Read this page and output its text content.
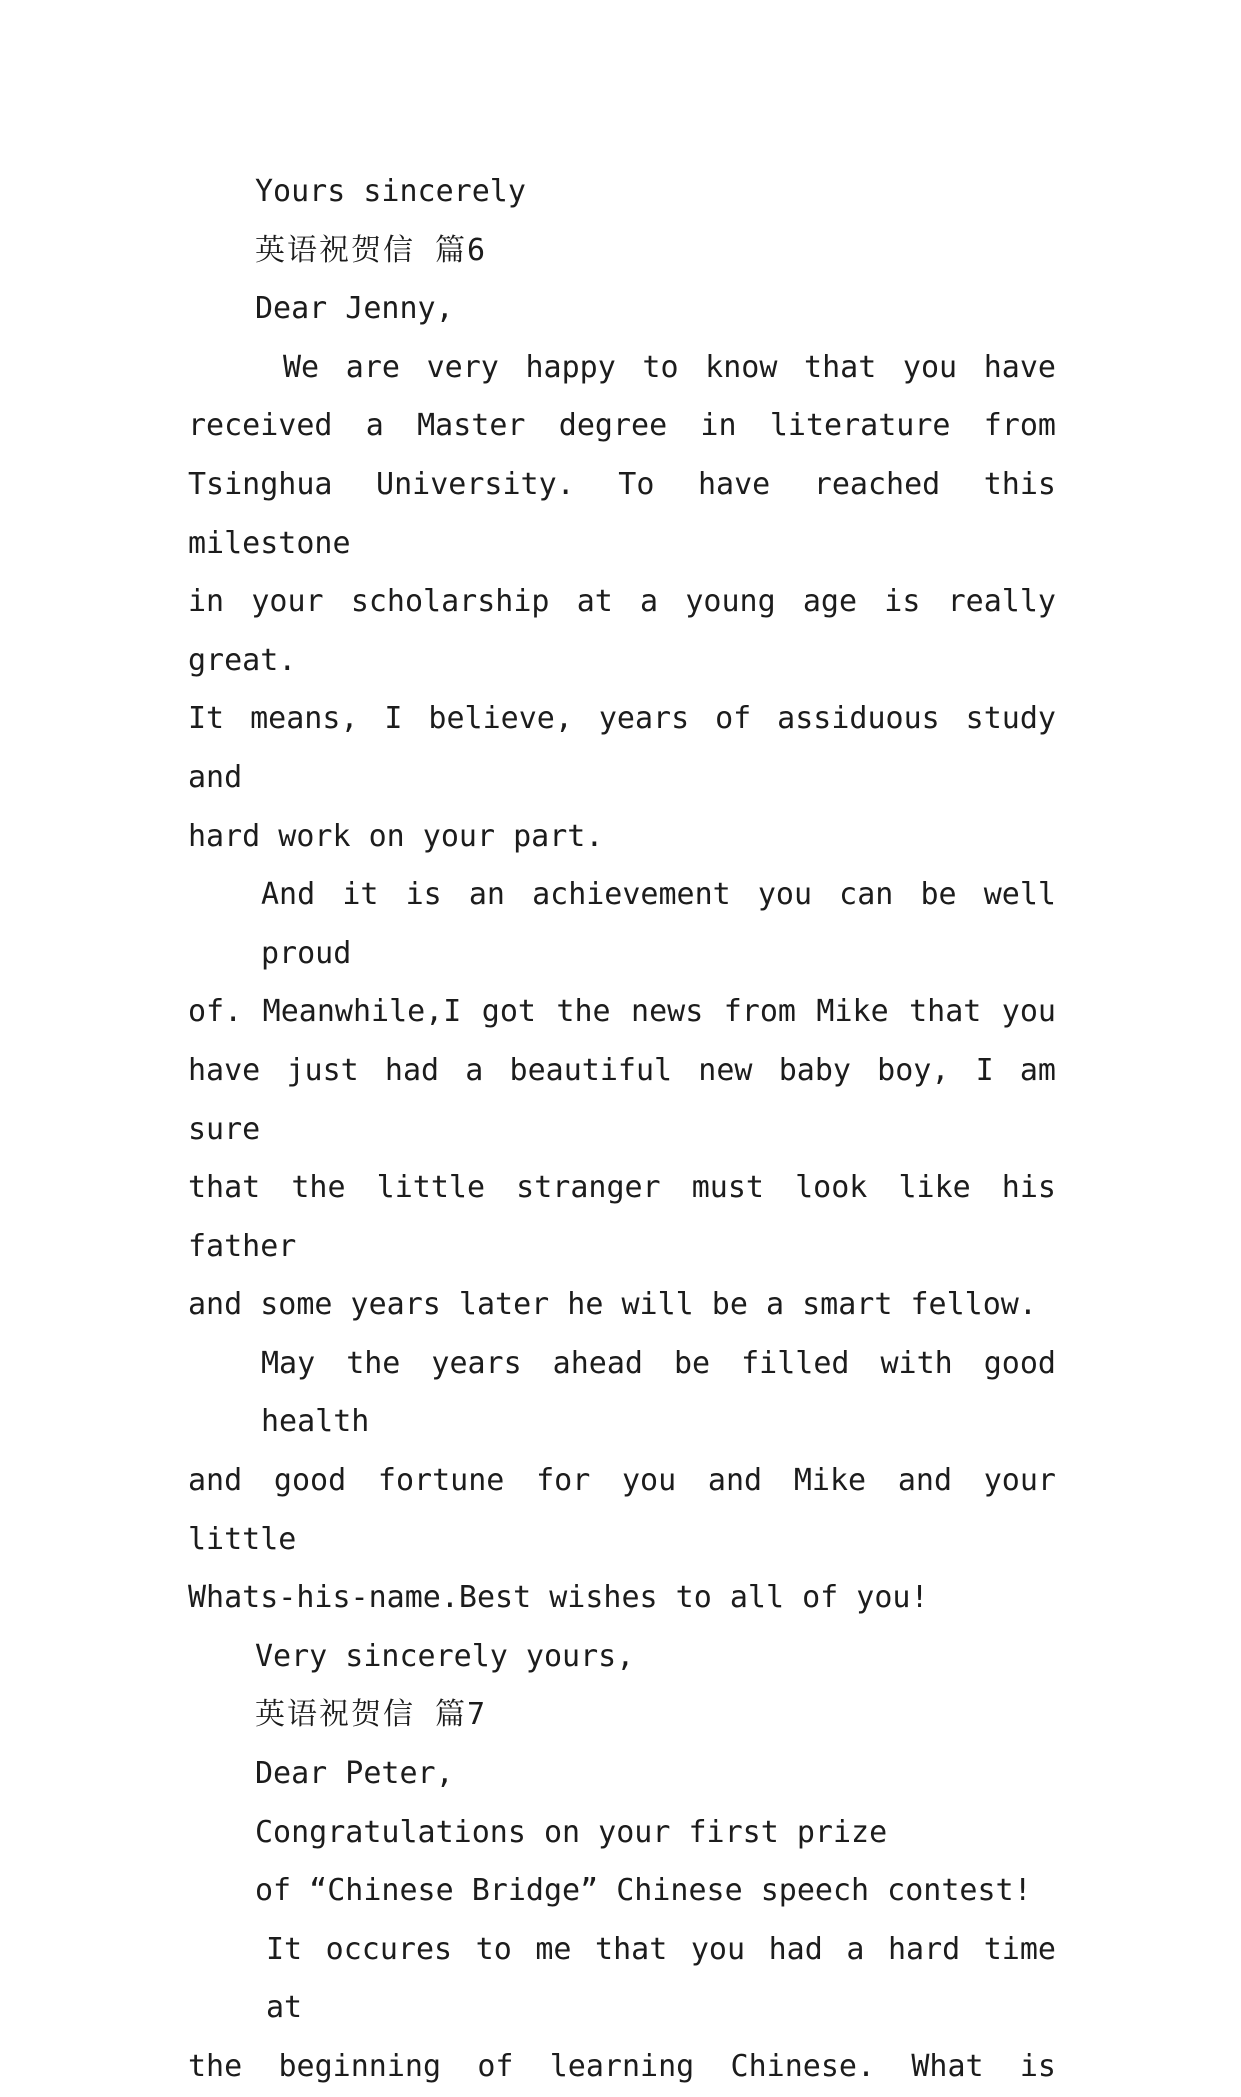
Yours sincerely
英语祝贺信 篇6
Dear Jenny,
We are very happy to know that you have
received a Master degree in literature from
Tsinghua University. To have reached this milestone
in your scholarship at a young age is really great.
It means, I believe, years of assiduous study and
hard work on your part.
And it is an achievement you can be well proud
of. Meanwhile,I got the news from Mike that you
have just had a beautiful new baby boy, I am sure
that the little stranger must look like his father
and some years later he will be a smart fellow.
May the years ahead be filled with good health
and good fortune for you and Mike and your little
Whats-his-name.Best wishes to all of you!
Very sincerely yours,
英语祝贺信 篇7
Dear Peter,
Congratulations on your first prize
of “Chinese Bridge” Chinese speech contest!
It occures to me that you had a hard time at
the beginning of learning Chinese. What is
